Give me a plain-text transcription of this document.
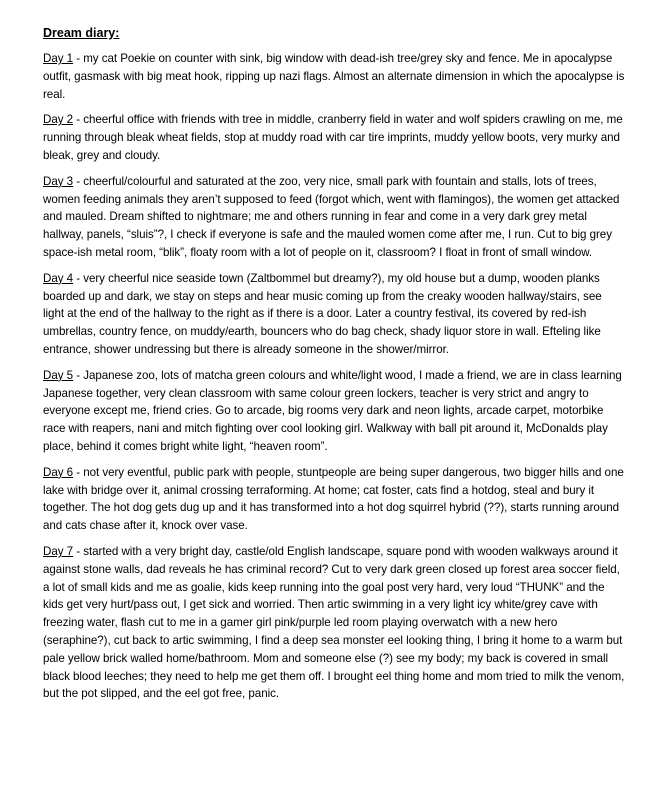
Dream diary:

Day 1 - my cat Poekie on counter with sink, big window with dead-ish tree/grey sky and fence. Me in apocalypse outfit, gasmask with big meat hook, ripping up nazi flags. Almost an alternate dimension in which the apocalypse is real.

Day 2 - cheerful office with friends with tree in middle, cranberry field in water and wolf spiders crawling on me, me running through bleak wheat fields, stop at muddy road with car tire imprints, muddy yellow boots, very murky and bleak, grey and cloudy.

Day 3 - cheerful/colourful and saturated at the zoo, very nice, small park with fountain and stalls, lots of trees, women feeding animals they aren’t supposed to feed (forgot which, went with flamingos), the women get attacked and mauled. Dream shifted to nightmare; me and others running in fear and come in a very dark grey metal hallway, panels, “sluis”?, I check if everyone is safe and the mauled women come after me, I run. Cut to big grey space-ish metal room, “blik”, floaty room with a lot of people on it, classroom? I float in front of small window.

Day 4 - very cheerful nice seaside town (Zaltbommel but dreamy?), my old house but a dump, wooden planks boarded up and dark, we stay on steps and hear music coming up from the creaky wooden hallway/stairs, see light at the end of the hallway to the right as if there is a door. Later a country festival, its covered by red-ish umbrellas, country fence, on muddy/earth, bouncers who do bag check, shady liquor store in wall. Efteling like entrance, shower undressing but there is already someone in the shower/mirror.

Day 5 - Japanese zoo, lots of matcha green colours and white/light wood, I made a friend, we are in class learning Japanese together, very clean classroom with same colour green lockers, teacher is very strict and angry to everyone except me, friend cries. Go to arcade, big rooms very dark and neon lights, arcade carpet, motorbike race with reapers, nani and mitch fighting over cool looking girl. Walkway with ball pit around it, McDonalds play place, behind it comes bright white light, “heaven room”.

Day 6 - not very eventful, public park with people, stuntpeople are being super dangerous, two bigger hills and one lake with bridge over it, animal crossing terraforming. At home; cat foster, cats find a hotdog, steal and bury it together. The hot dog gets dug up and it has transformed into a hot dog squirrel hybrid (??), starts running around and cats chase after it, knock over vase.

Day 7 - started with a very bright day, castle/old English landscape, square pond with wooden walkways around it against stone walls, dad reveals he has criminal record? Cut to very dark green closed up forest area soccer field, a lot of small kids and me as goalie, kids keep running into the goal post very hard, very loud “THUNK” and the kids get very hurt/pass out, I get sick and worried. Then artic swimming in a very light icy white/grey cave with freezing water, flash cut to me in a gamer girl pink/purple led room playing overwatch with a new hero (seraphine?), cut back to artic swimming, I find a deep sea monster eel looking thing, I bring it home to a warm but pale yellow brick walled home/bathroom. Mom and someone else (?) see my body; my back is covered in small black blood leeches; they need to help me get them off. I brought eel thing home and mom tried to milk the venom, but the pot slipped, and the eel got free, panic.
